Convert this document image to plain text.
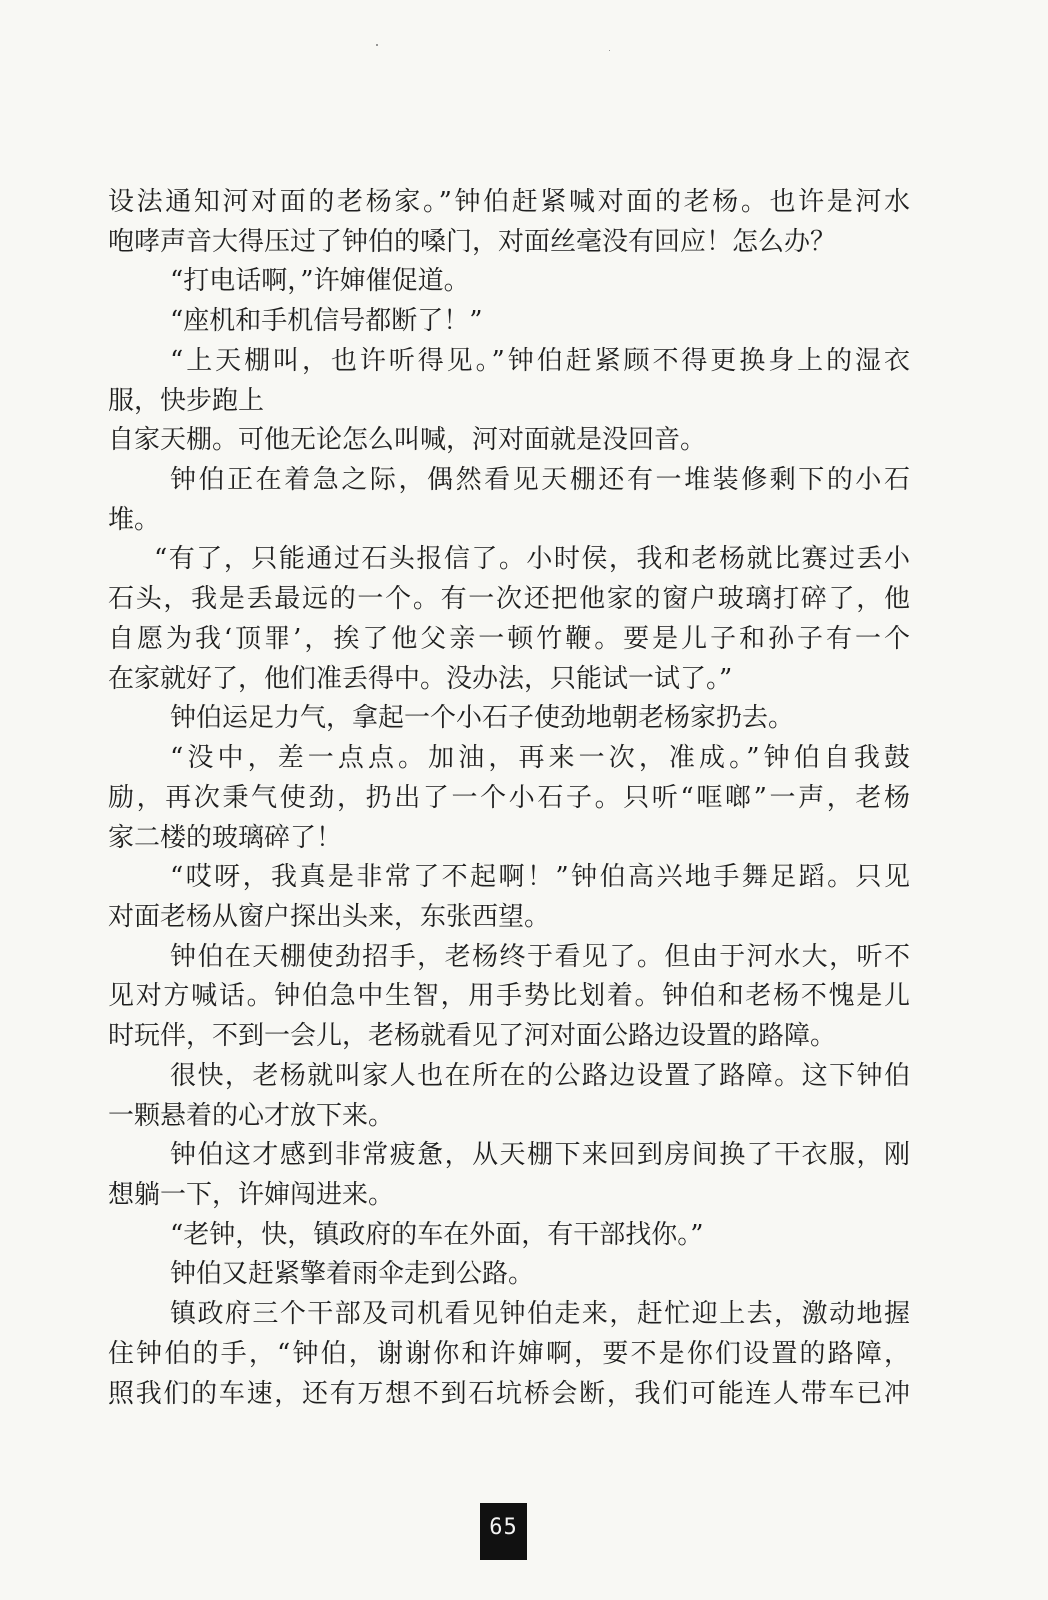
设法通知河对面的老杨家。”钟伯赶紧喊对面的老杨。也许是河水
咆哮声音大得压过了钟伯的嗓门，对面丝毫没有回应！怎么办？
“打电话啊，”许婶催促道。
“座机和手机信号都断了！”
“上天棚叫，也许听得见。”钟伯赶紧顾不得更换身上的湿衣
服，快步跑上
自家天棚。可他无论怎么叫喊，河对面就是没回音。
钟伯正在着急之际，偶然看见天棚还有一堆装修剩下的小石
堆。
“有了，只能通过石头报信了。小时侯，我和老杨就比赛过丢小
石头，我是丢最远的一个。有一次还把他家的窗户玻璃打碎了，他
自愿为我‘顶罪’，挨了他父亲一顿竹鞭。要是儿子和孙子有一个
在家就好了，他们准丢得中。没办法，只能试一试了。”
钟伯运足力气，拿起一个小石子使劲地朝老杨家扔去。
“没中，差一点点。加油，再来一次，准成。”钟伯自我鼓
励，再次秉气使劲，扔出了一个小石子。只听“哐啷”一声，老杨
家二楼的玻璃碎了！
“哎呀，我真是非常了不起啊！”钟伯高兴地手舞足蹈。只见
对面老杨从窗户探出头来，东张西望。
钟伯在天棚使劲招手，老杨终于看见了。但由于河水大，听不
见对方喊话。钟伯急中生智，用手势比划着。钟伯和老杨不愧是儿
时玩伴，不到一会儿，老杨就看见了河对面公路边设置的路障。
很快，老杨就叫家人也在所在的公路边设置了路障。这下钟伯
一颗悬着的心才放下来。
钟伯这才感到非常疲惫，从天棚下来回到房间换了干衣服，刚
想躺一下，许婶闯进来。
“老钟，快，镇政府的车在外面，有干部找你。”
钟伯又赶紧擎着雨伞走到公路。
镇政府三个干部及司机看见钟伯走来，赶忙迎上去，激动地握
住钟伯的手，“钟伯，谢谢你和许婶啊，要不是你们设置的路障，
照我们的车速，还有万想不到石坑桥会断，我们可能连人带车已冲
65
